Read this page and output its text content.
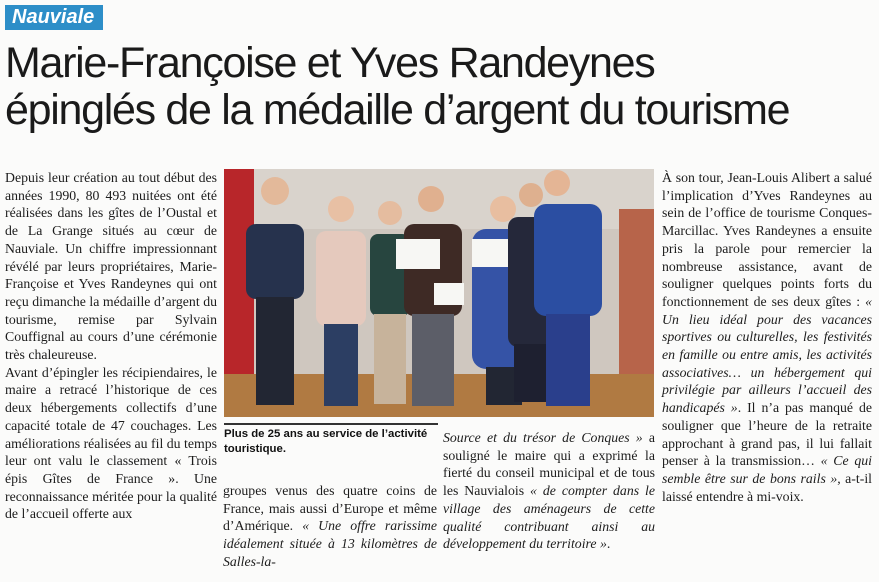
Nauviale
Marie-Françoise et Yves Randeynes
épinglés de la médaille d’argent du tourisme

Depuis leur création au tout début des années 1990, 80 493 nuitées ont été réalisées dans les gîtes de l’Oustal et de La Grange situés au cœur de Nauviale. Un chiffre impressionnant révélé par leurs propriétaires, Marie-Françoise et Yves Randeynes qui ont reçu dimanche la médaille d’argent du tourisme, remise par Sylvain Couffignal au cours d’une cérémonie très chaleureuse.

Avant d’épingler les récipiendaires, le maire a retracé l’historique de ces deux hébergements collectifs d’une capacité totale de 47 couchages. Les améliorations réalisées au fil du temps leur ont valu le classement « Trois épis Gîtes de France ». Une reconnaissance méritée pour la qualité de l’accueil offerte aux

Plus de 25 ans au service de l’activité touristique.
groupes venus des quatre coins de France, mais aussi d’Europe et même d’Amérique. « Une offre rarissime idéalement située à 13 kilomètres de Salles-la-
Source et du trésor de Conques » a souligné le maire qui a exprimé la fierté du conseil municipal et de tous les Nauvialois « de compter dans le village des aménageurs de cette qualité contribuant ainsi au développement du territoire ».
À son tour, Jean-Louis Alibert a salué l’implication d’Yves Randeynes au sein de l’office de tourisme Conques-Marcillac. Yves Randeynes a ensuite pris la parole pour remercier la nombreuse assistance, avant de souligner quelques points forts du fonctionnement de ses deux gîtes : « Un lieu idéal pour des vacances sportives ou culturelles, les festivités en famille ou entre amis, les activités associatives… un hébergement qui privilégie par ailleurs l’accueil des handicapés ». Il n’a pas manqué de souligner que l’heure de la retraite approchant à grand pas, il lui fallait penser à la transmission… « Ce qui semble être sur de bons rails », a-t-il laissé entendre à mi-voix.
